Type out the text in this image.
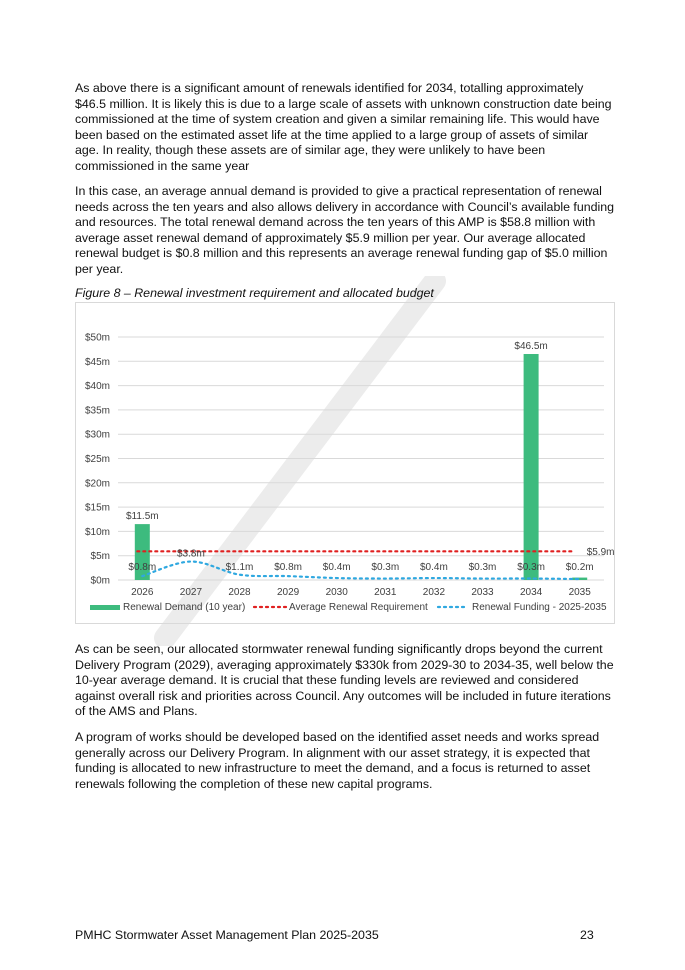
As above there is a significant amount of renewals identified for 2034, totalling approximately $46.5 million. It is likely this is due to a large scale of assets with unknown construction date being commissioned at the time of system creation and given a similar remaining life. This would have been based on the estimated asset life at the time applied to a large group of assets of similar age. In reality, though these assets are of similar age, they were unlikely to have been commissioned in the same year

In this case, an average annual demand is provided to give a practical representation of renewal needs across the ten years and also allows delivery in accordance with Council’s available funding and resources. The total renewal demand across the ten years of this AMP is $58.8 million with average asset renewal demand of approximately $5.9 million per year. Our average allocated renewal budget is $0.8 million and this represents an average renewal funding gap of $5.0 million per year.

Figure 8 – Renewal investment requirement and allocated budget

$0m
$5m
$10m
$15m
$20m
$25m
$30m
$35m
$40m
$45m
$50m
2026	2027	2028	2029	2030	2031	2032	2033	2034	2035
$11.5m
$46.5m
$5.9m
$0.8m
$3.8m
$1.1m $0.8m $0.4m $0.3m $0.4m $0.3m $0.3m $0.2m
Renewal Demand (10 year)	Average Renewal Requirement	Renewal Funding - 2025-2035

As can be seen, our allocated stormwater renewal funding significantly drops beyond the current Delivery Program (2029), averaging approximately $330k from 2029-30 to 2034-35, well below the 10-year average demand. It is crucial that these funding levels are reviewed and considered against overall risk and priorities across Council. Any outcomes will be included in future iterations of the AMS and Plans.

A program of works should be developed based on the identified asset needs and works spread generally across our Delivery Program. In alignment with our asset strategy, it is expected that funding is allocated to new infrastructure to meet the demand, and a focus is returned to asset renewals following the completion of these new capital programs.

PMHC Stormwater Asset Management Plan 2025-2035	23
